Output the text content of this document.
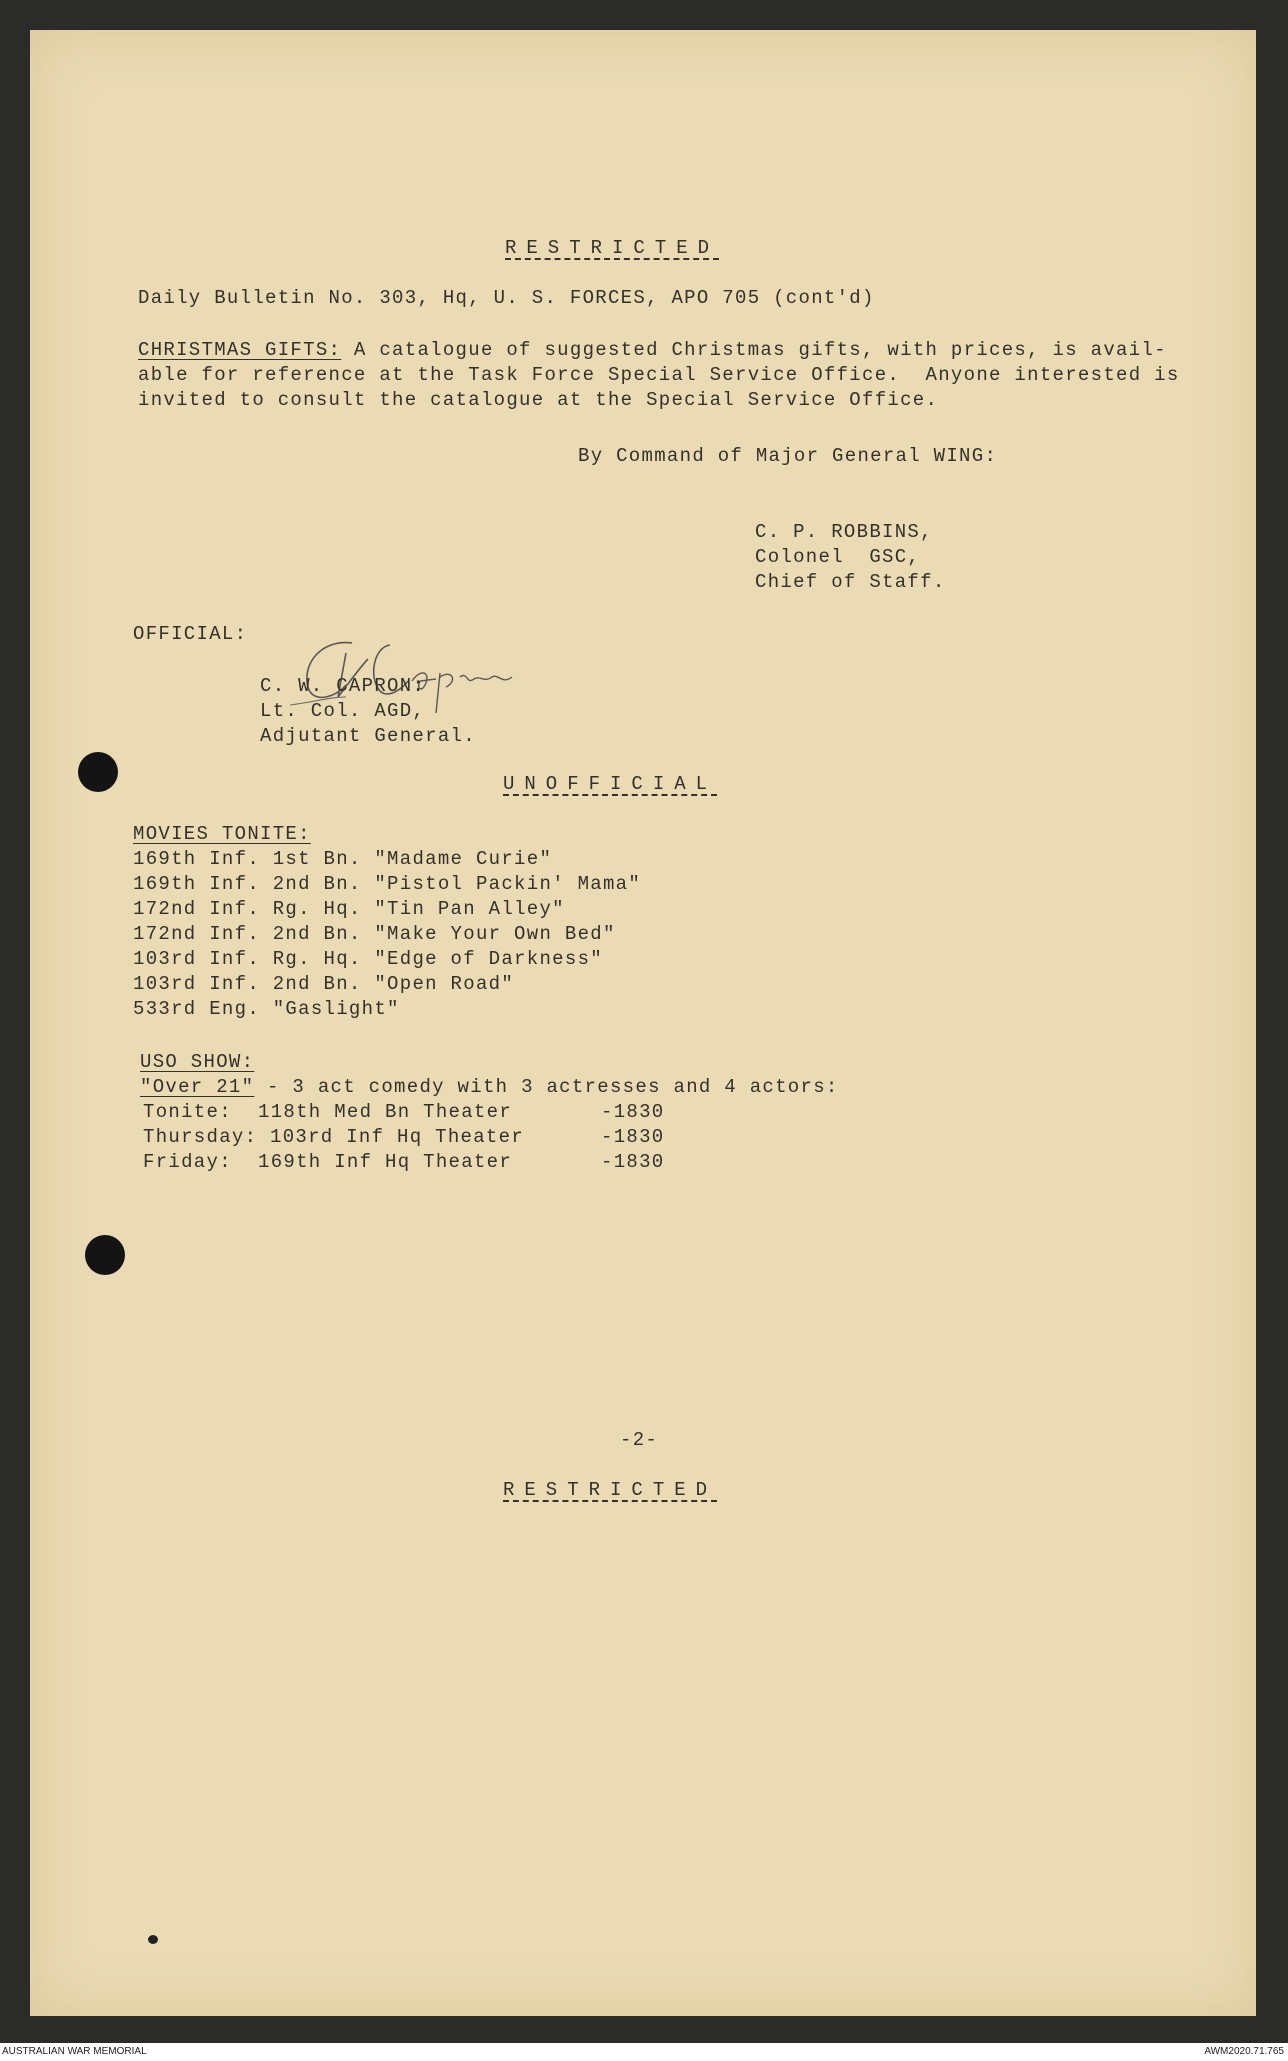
RESTRICTED

Daily Bulletin No. 303, Hq, U. S. FORCES, APO 705 (cont'd)

CHRISTMAS GIFTS: A catalogue of suggested Christmas gifts, with prices, is avail-

able for reference at the Task Force Special Service Office.  Anyone interested is

invited to consult the catalogue at the Special Service Office.

By Command of Major General WING:

C. P. ROBBINS,

Colonel  GSC,

Chief of Staff.

OFFICIAL:

C. W. CAPRON:

Lt. Col. AGD,

Adjutant General.

UNOFFICIAL

MOVIES TONITE:

169th Inf. 1st Bn. "Madame Curie"

169th Inf. 2nd Bn. "Pistol Packin' Mama"

172nd Inf. Rg. Hq. "Tin Pan Alley"

172nd Inf. 2nd Bn. "Make Your Own Bed"

103rd Inf. Rg. Hq. "Edge of Darkness"

103rd Inf. 2nd Bn. "Open Road"

533rd Eng. "Gaslight"

USO SHOW:

"Over 21" - 3 act comedy with 3 actresses and 4 actors:

Tonite: 118th Med Bn Theater	-1830

Thursday: 103rd Inf Hq Theater	-1830

Friday: 169th Inf Hq Theater	-1830

-2-

RESTRICTED

AUSTRALIAN WAR MEMORIAL	AWM2020.71.765
